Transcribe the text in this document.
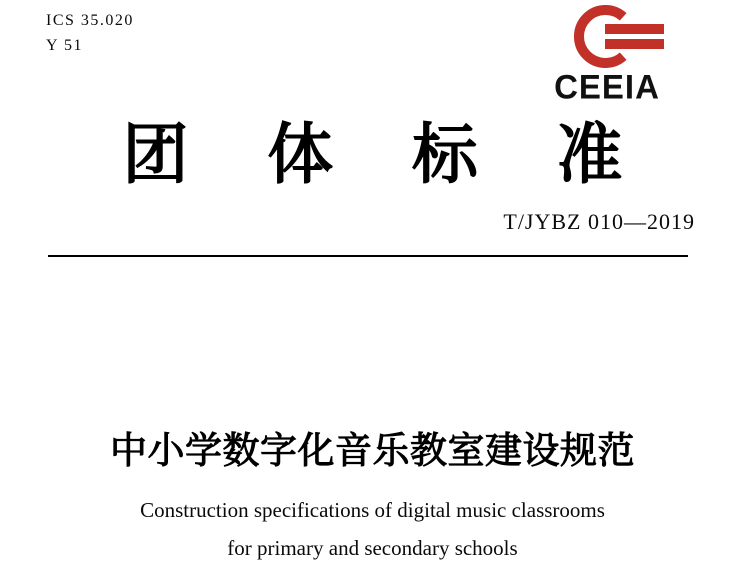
ICS 35.020
Y 51
CEEIA
团 体 标 准
T/JYBZ 010—2019
中小学数字化音乐教室建设规范
Construction specifications of digital music classrooms
for primary and secondary schools
